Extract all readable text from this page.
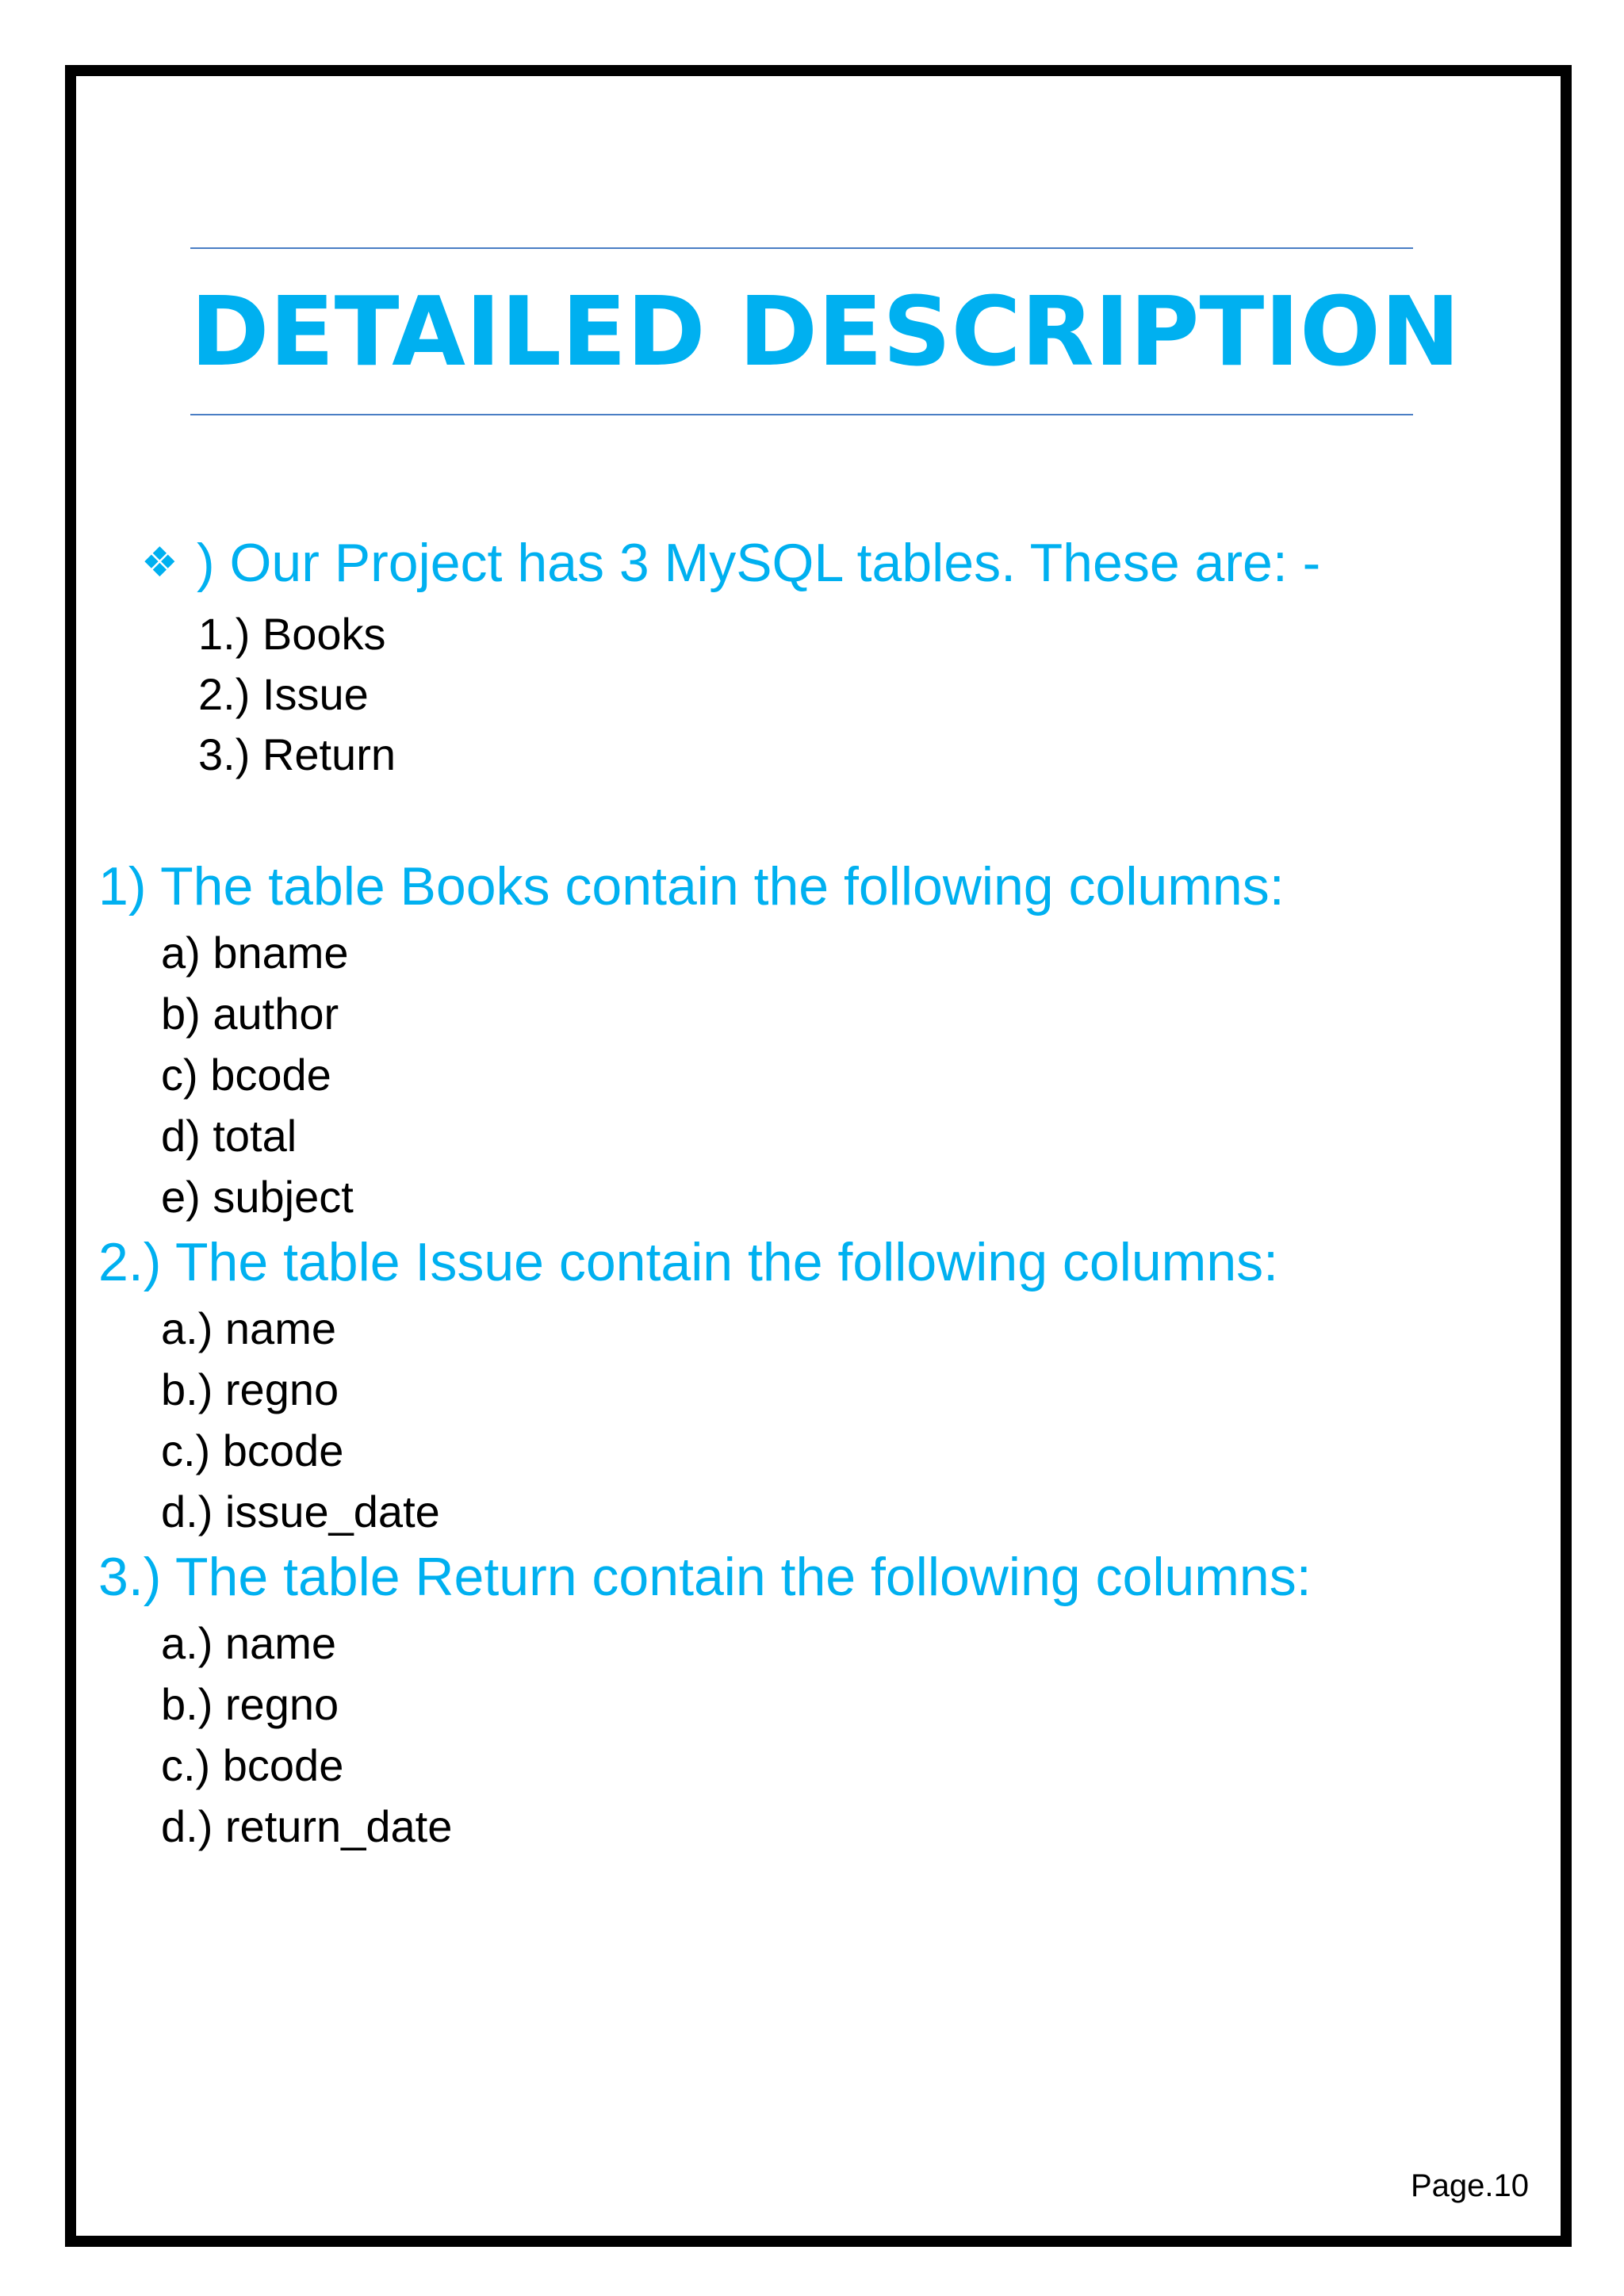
DETAILED DESCRIPTION
❖ ) Our Project has 3 MySQL tables. These are: -
1.) Books
2.) Issue
3.) Return
1) The table Books contain the following columns:
a) bname
b) author
c) bcode
d) total
e) subject
2.) The table Issue contain the following columns:
a.) name
b.) regno
c.) bcode
d.) issue_date
3.) The table Return contain the following columns:
a.) name
b.) regno
c.) bcode
d.) return_date
Page.10
